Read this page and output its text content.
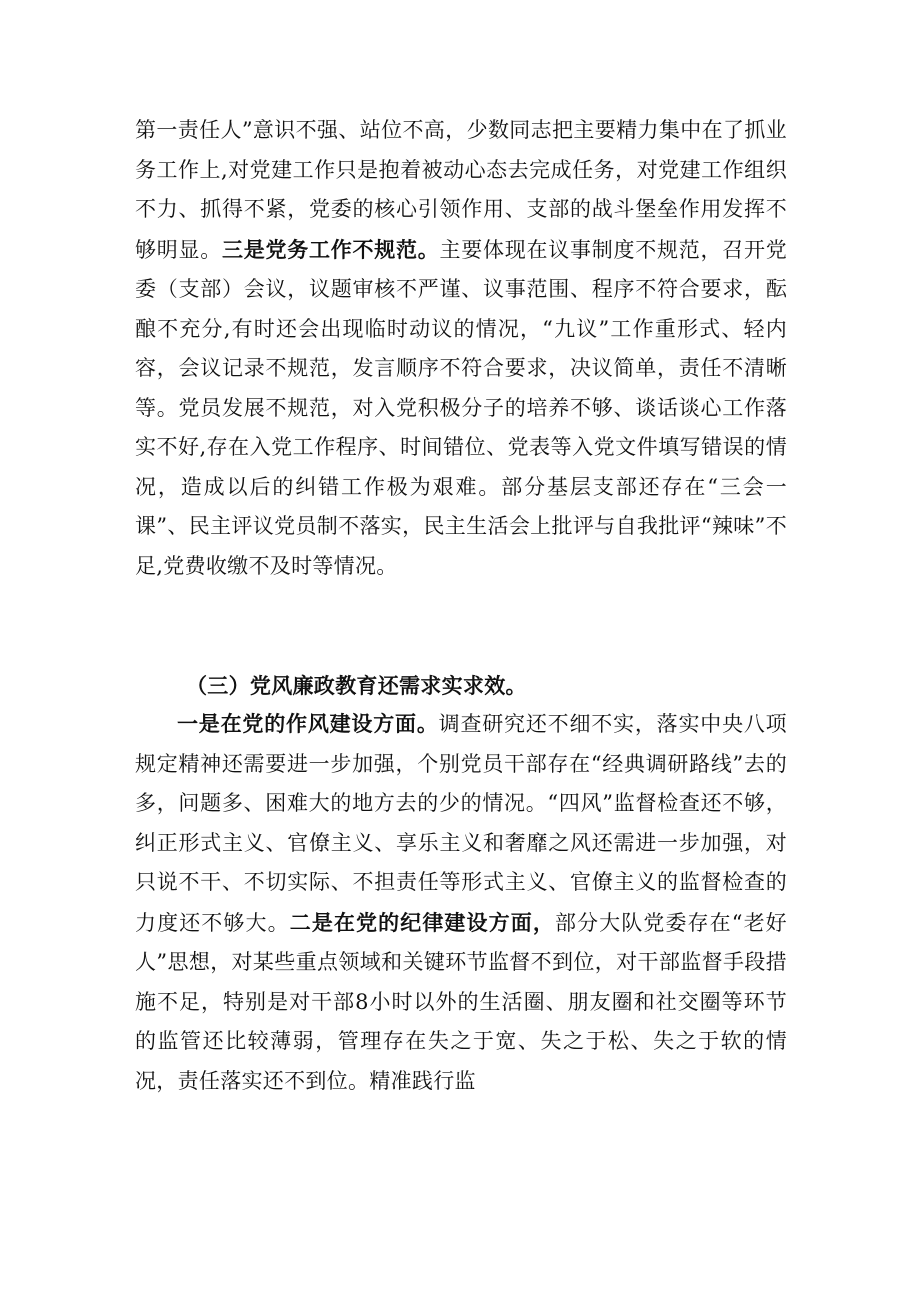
第一责任人”意识不强、站位不高，少数同志把主要精力集中在了抓业务工作上,对党建工作只是抱着被动心态去完成任务，对党建工作组织不力、抓得不紧，党委的核心引领作用、支部的战斗堡垒作用发挥不够明显。三是党务工作不规范。主要体现在议事制度不规范，召开党委（支部）会议，议题审核不严谨、议事范围、程序不符合要求，酝酿不充分,有时还会出现临时动议的情况，“九议”工作重形式、轻内容，会议记录不规范，发言顺序不符合要求，决议简单，责任不清晰等。党员发展不规范，对入党积极分子的培养不够、谈话谈心工作落实不好,存在入党工作程序、时间错位、党表等入党文件填写错误的情况，造成以后的纠错工作极为艰难。部分基层支部还存在“三会一课”、民主评议党员制不落实，民主生活会上批评与自我批评“辣味”不足,党费收缴不及时等情况。

（三）党风廉政教育还需求实求效。

一是在党的作风建设方面。调查研究还不细不实，落实中央八项规定精神还需要进一步加强，个别党员干部存在“经典调研路线”去的多，问题多、困难大的地方去的少的情况。“四风”监督检查还不够，纠正形式主义、官僚主义、享乐主义和奢靡之风还需进一步加强，对只说不干、不切实际、不担责任等形式主义、官僚主义的监督检查的力度还不够大。二是在党的纪律建设方面，部分大队党委存在“老好人”思想，对某些重点领域和关键环节监督不到位，对干部监督手段措施不足，特别是对干部8小时以外的生活圈、朋友圈和社交圈等环节的监管还比较薄弱，管理存在失之于宽、失之于松、失之于软的情况，责任落实还不到位。精准践行监
